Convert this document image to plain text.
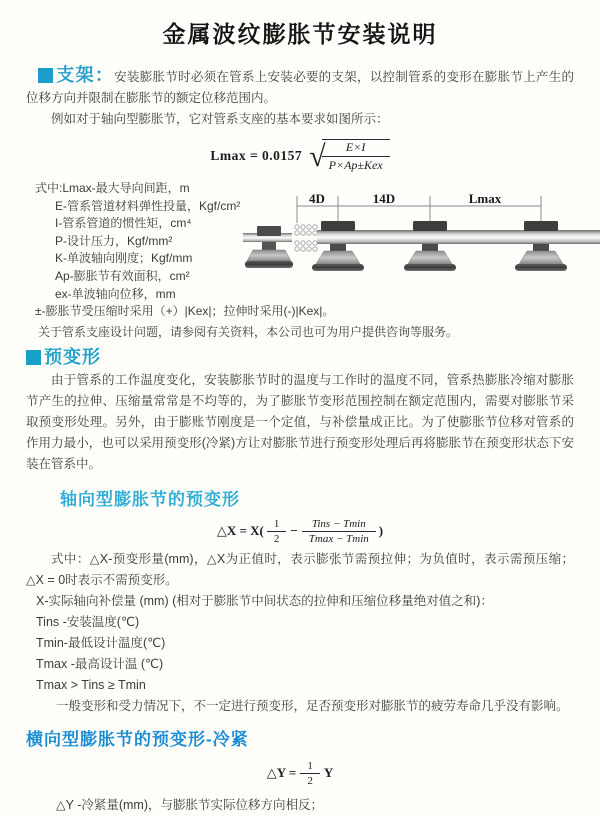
金属波纹膨胀节安装说明

支架：安装膨胀节时必须在管系上安装必要的支架，以控制管系的变形在膨胀节上产生的位移方向并限制在膨胀节的额定位移范围内。

例如对于轴向型膨胀节，它对管系支座的基本要求如图所示：

Lmax = 0.0157 √
$\frac{E\times I}{\text{P×Ap±Kex}}$
式中:Lmax-最大导向间距，m
E-管系管道材料弹性投量，Kgf/cm²
I-管系管道的惯性矩，cm⁴
P-设计压力，Kgf/mm²
K-单波轴向刚度；Kgf/mm
Ap-膨胀节有效面积，cm²
ex-单波轴向位移，mm
±-膨胀节受压缩时采用（+）|Kex|；拉伸时采用(-)|Kex|。
关于管系支座设计问题，请参阅有关资料，本公司也可为用户提供咨询等服务。
4D	14D	Lmax

预变形

由于管系的工作温度变化，安装膨胀节时的温度与工作时的温度不同，管系热膨胀冷缩对膨胀节产生的拉伸、压缩量常常是不均等的，为了膨胀节变形范围控制在额定范围内，需要对膨胀节采取预变形处理。另外，由于膨账节刚度是一个定值，与补偿量成正比。为了使膨胀节位移对管系的作用力最小，也可以采用预变形(冷紧)方让对膨胀节进行预变形处理后再将膨胀节在预变形状态下安装在管系中。

轴向型膨胀节的预变形
△X = $X( \frac{1}{2} - \frac{\text{Tins − Tmin}}{Tmax - Tmin}$ )

式中：△X-预变形量(mm)，△X为正值时，表示膨张节需预拉伸；为负值时，表示需预压缩；△X = 0时表示不需预变形。

X-实际轴向补偿量 (mm) (相对于膨胀节中间状态的拉伸和压缩位移量绝对值之和)：
Tins -安装温度(℃)
Tmin-最低设计温度(℃)
Tmax -最高设计温 (℃)
Tmax > Tins ≥ Tmin
一般变形和受力情况下，不一定进行预变形，足否预变形对膨胀节的疲劳寿命几乎没有影响。
横向型膨胀节的预变形-冷紧
△Y = $\frac{1}{2}$ Y
△Y -冷紧量(mm)，与膨胀节实际位移方向相反；
